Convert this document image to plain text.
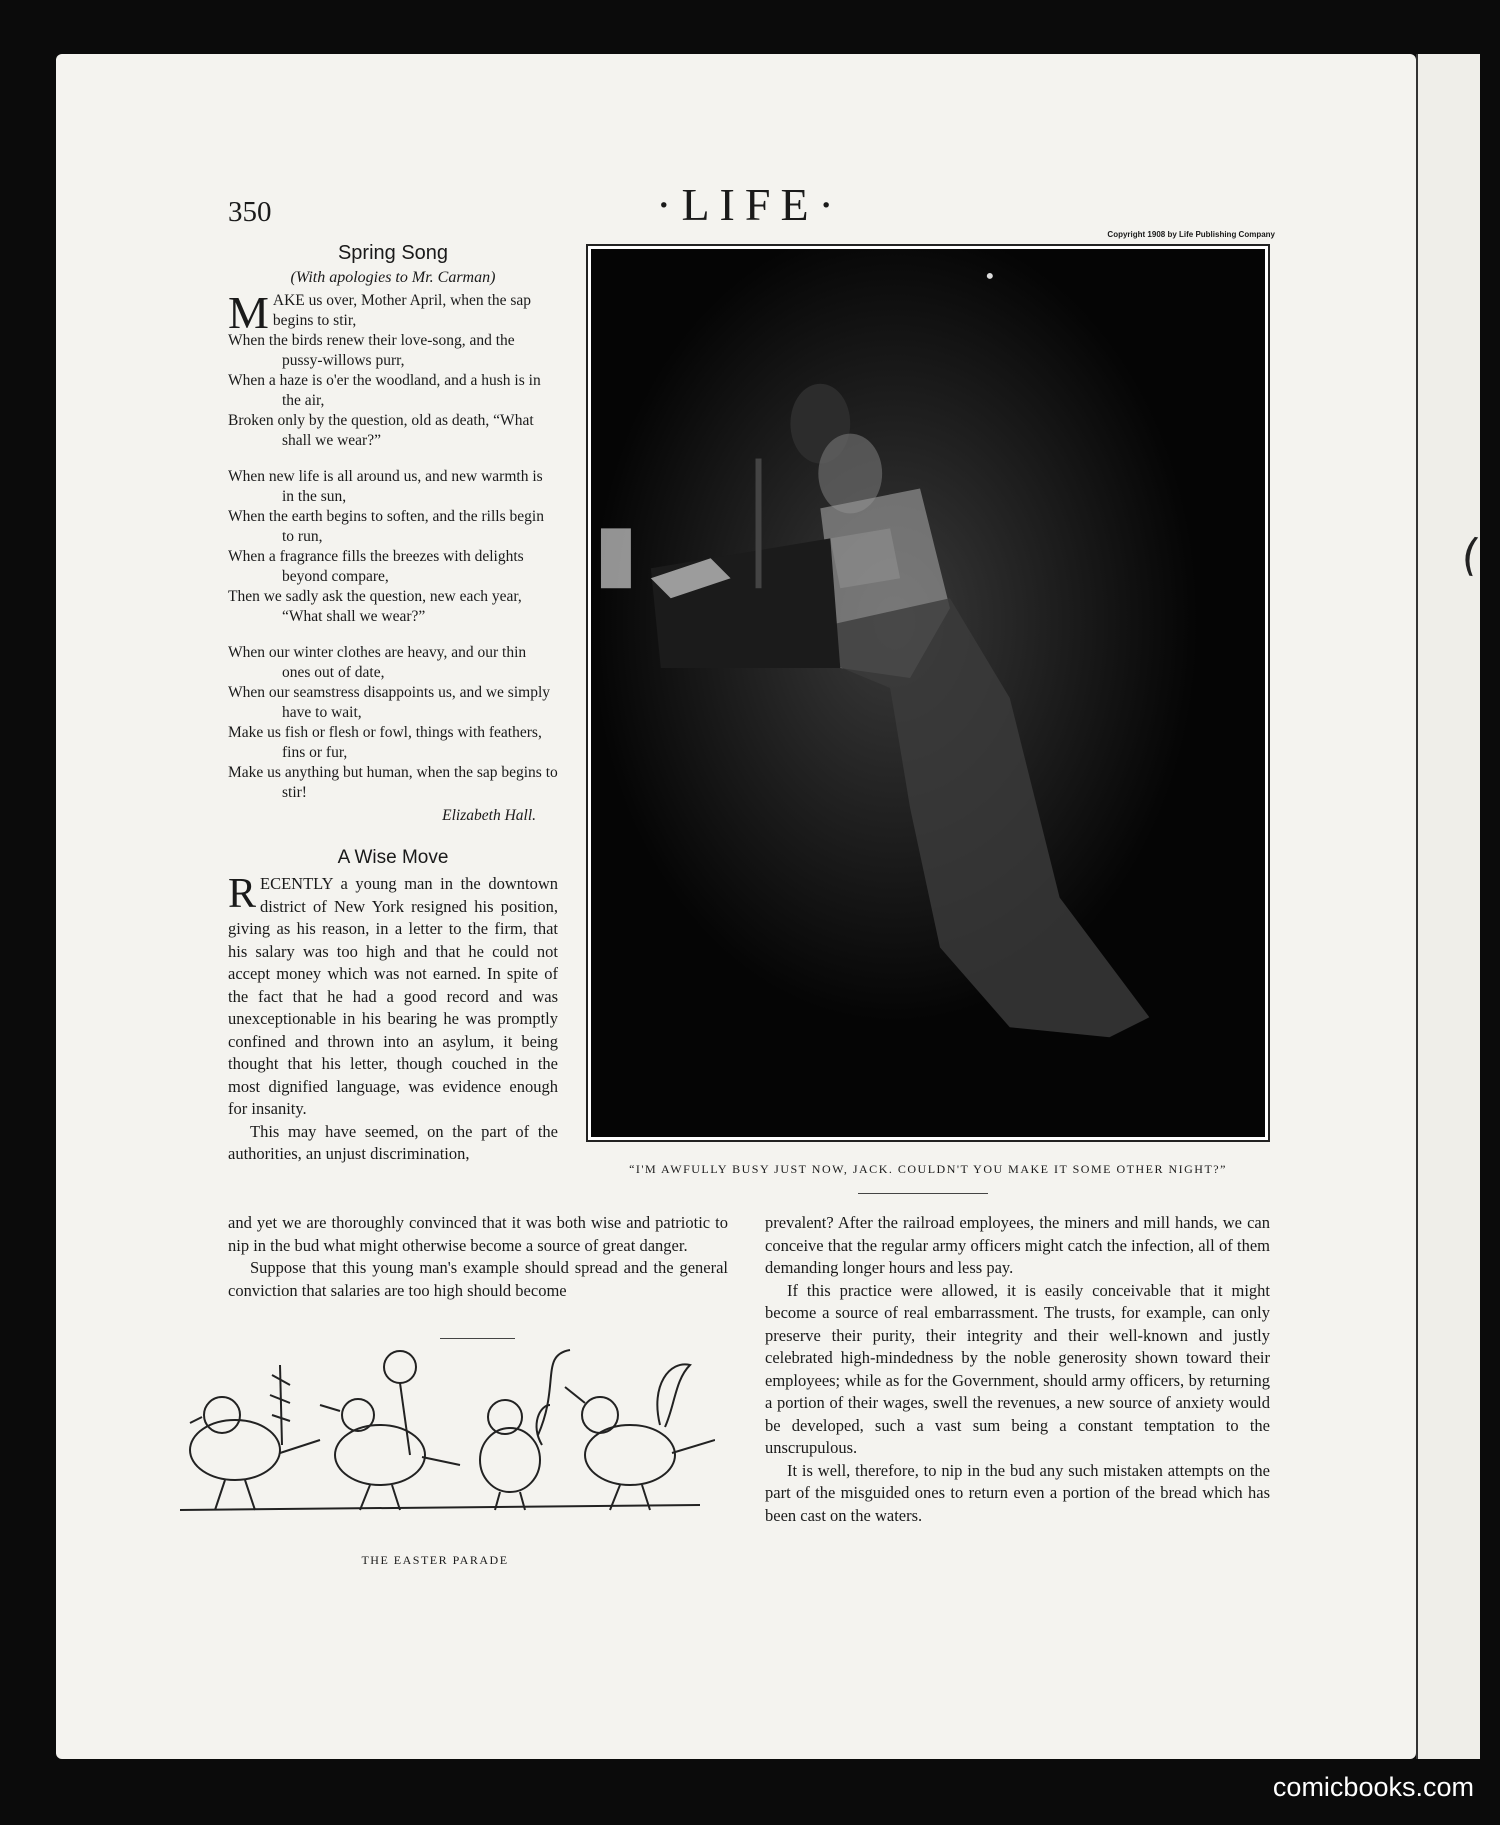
(
350	·LIFE·
Copyright 1908 by Life Publishing Company
Spring Song
(With apologies to Mr. Carman)
M AKE us over, Mother April, when the sap begins to stir,
When the birds renew their love-song, and the pussy-willows purr,
When a haze is o'er the woodland, and a hush is in the air,
Broken only by the question, old as death, “What shall we wear?”
When new life is all around us, and new warmth is in the sun,
When the earth begins to soften, and the rills begin to run,
When a fragrance fills the breezes with delights beyond compare,
Then we sadly ask the question, new each year, “What shall we wear?”
When our winter clothes are heavy, and our thin ones out of date,
When our seamstress disappoints us, and we simply have to wait,
Make us fish or flesh or fowl, things with feathers, fins or fur,
Make us anything but human, when the sap begins to stir!
Elizabeth Hall.
A Wise Move

RECENTLY a young man in the downtown district of New York resigned his position, giving as his reason, in a letter to the firm, that his salary was too high and that he could not accept money which was not earned. In spite of the fact that he had a good record and was unexceptionable in his bearing he was promptly confined and thrown into an asylum, it being thought that his letter, though couched in the most dignified language, was evidence enough for insanity.

This may have seemed, on the part of the authorities, an unjust discrimination,

“I'M AWFULLY BUSY JUST NOW, JACK. COULDN'T YOU MAKE IT SOME OTHER NIGHT?”

and yet we are thoroughly convinced that it was both wise and patriotic to nip in the bud what might otherwise become a source of great danger.

Suppose that this young man's example should spread and the general conviction that salaries are too high should become

THE EASTER PARADE

prevalent? After the railroad employees, the miners and mill hands, we can conceive that the regular army officers might catch the infection, all of them demanding longer hours and less pay.

If this practice were allowed, it is easily conceivable that it might become a source of real embarrassment. The trusts, for example, can only preserve their purity, their integrity and their well-known and justly celebrated high-mindedness by the noble generosity shown toward their employees; while as for the Government, should army officers, by returning a portion of their wages, swell the revenues, a new source of anxiety would be developed, such a vast sum being a constant temptation to the unscrupulous.

It is well, therefore, to nip in the bud any such mistaken attempts on the part of the misguided ones to return even a portion of the bread which has been cast on the waters.

comicbooks.com
